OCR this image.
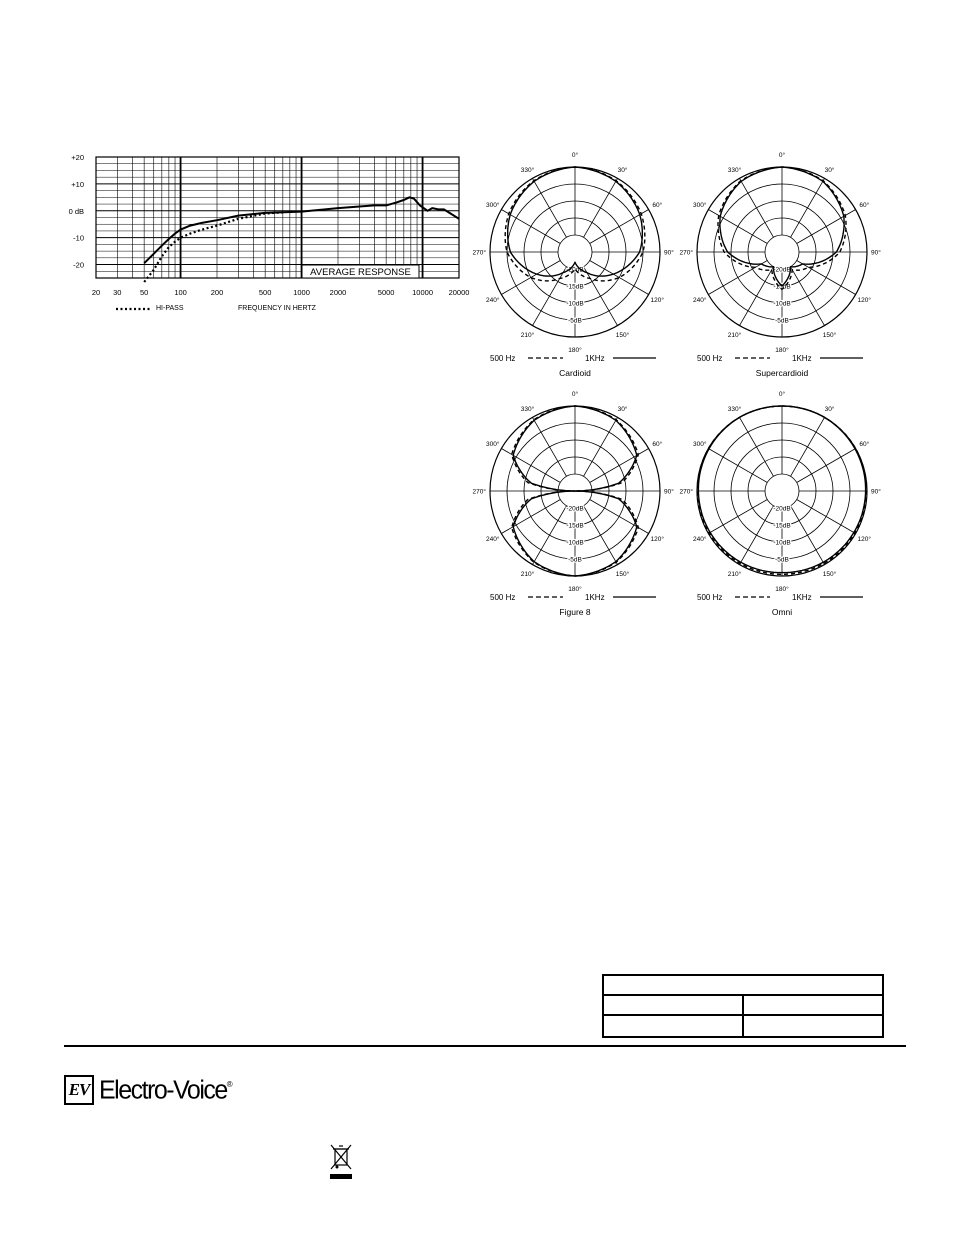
+20
+10
0 dB
-10
-20
20 30 50	100	200	500	1000	2000	5000 10000 20000
AVERAGE RESPONSE
HI-PASS	FREQUENCY IN HERTZ
0°
30°
60°
90°
120°
150°
180°
210°
240°
270°
300°
330°
-20dB
-15dB
-10dB
-5dB
500 Hz	1KHz
Cardioid
0°
30°
60°
90°
120°
150°
180°
210°
240°
270°
300°
330°
-20dB
-15dB
-10dB
-5dB
500 Hz	1KHz
Supercardioid
0°
30°
60°
90°
120°
150°
180°
210°
240°
270°
300°
330°
-20dB
-15dB
-10dB
-5dB
500 Hz	1KHz
Figure 8
0°
30°
60°
90°
120°
150°
180°
210°
240°
270°
300°
330°
-20dB
-15dB
-10dB
-5dB
500 Hz	1KHz
Omni
EV Electro-Voice®
